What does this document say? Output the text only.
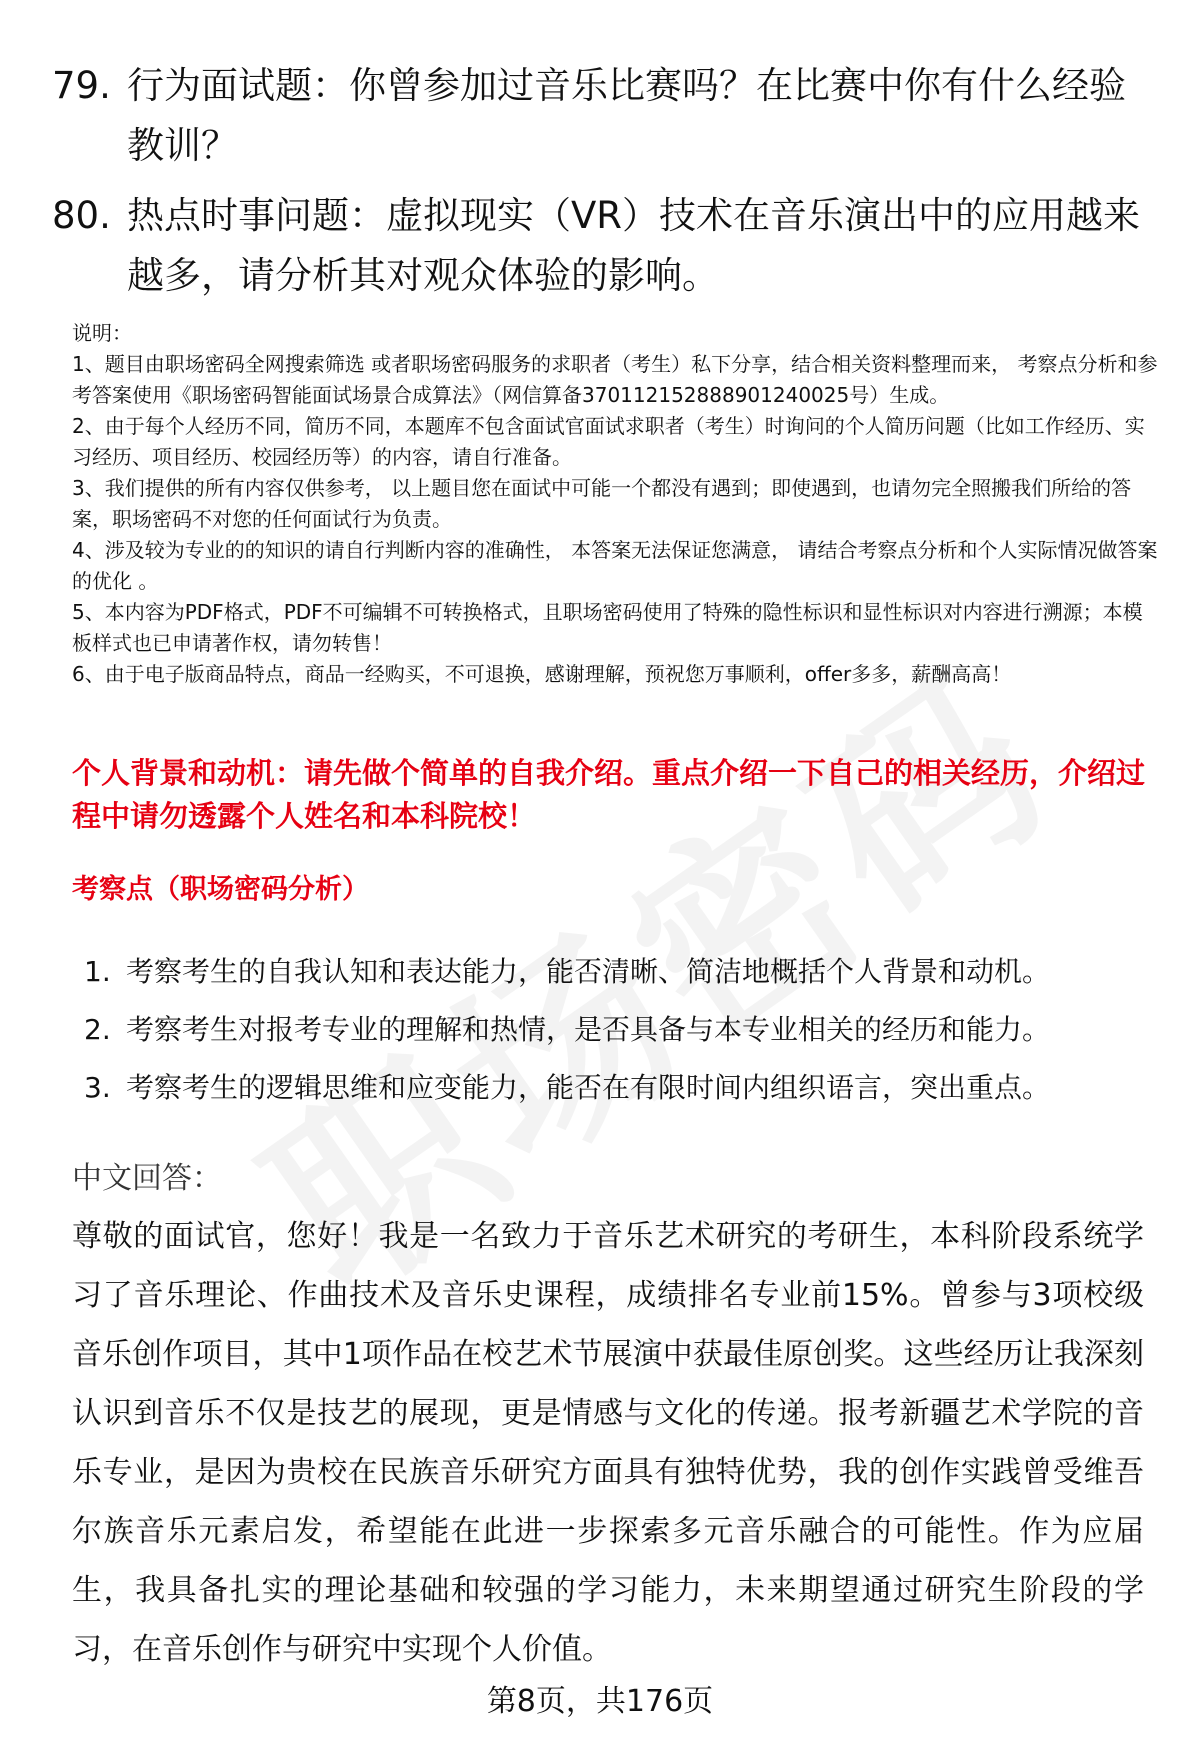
79. 行为面试题：你曾参加过音乐比赛吗？在比赛中你有什么经验教训？
80. 热点时事问题：虚拟现实（VR）技术在音乐演出中的应用越来越多，请分析其对观众体验的影响。

说明：

1、题目由职场密码全网搜索筛选 或者职场密码服务的求职者（考生）私下分享，结合相关资料整理而来， 考察点分析和参考答案使用《职场密码智能面试场景合成算法》（网信算备370112152888901240025号）生成。

2、由于每个人经历不同，简历不同，本题库不包含面试官面试求职者（考生）时询问的个人简历问题（比如工作经历、实习经历、项目经历、校园经历等）的内容，请自行准备。

3、我们提供的所有内容仅供参考， 以上题目您在面试中可能一个都没有遇到；即使遇到，也请勿完全照搬我们所给的答案，职场密码不对您的任何面试行为负责。

4、涉及较为专业的的知识的请自行判断内容的准确性， 本答案无法保证您满意， 请结合考察点分析和个人实际情况做答案的优化 。

5、本内容为PDF格式，PDF不可编辑不可转换格式，且职场密码使用了特殊的隐性标识和显性标识对内容进行溯源；本模板样式也已申请著作权，请勿转售！

6、由于电子版商品特点，商品一经购买，不可退换，感谢理解，预祝您万事顺利，offer多多，薪酬高高！

个人背景和动机：请先做个简单的自我介绍。重点介绍一下自己的相关经历，介绍过程中请勿透露个人姓名和本科院校！
考察点（职场密码分析）
1. 考察考生的自我认知和表达能力，能否清晰、简洁地概括个人背景和动机。
2. 考察考生对报考专业的理解和热情，是否具备与本专业相关的经历和能力。
3. 考察考生的逻辑思维和应变能力，能否在有限时间内组织语言，突出重点。
中文回答：

尊敬的面试官，您好！我是一名致力于音乐艺术研究的考研生，本科阶段系统学习了音乐理论、作曲技术及音乐史课程，成绩排名专业前15%。曾参与3项校级音乐创作项目，其中1项作品在校艺术节展演中获最佳原创奖。这些经历让我深刻认识到音乐不仅是技艺的展现，更是情感与文化的传递。报考新疆艺术学院的音乐专业，是因为贵校在民族音乐研究方面具有独特优势，我的创作实践曾受维吾尔族音乐元素启发，希望能在此进一步探索多元音乐融合的可能性。作为应届生，我具备扎实的理论基础和较强的学习能力，未来期望通过研究生阶段的学习，在音乐创作与研究中实现个人价值。

第8页，共176页
